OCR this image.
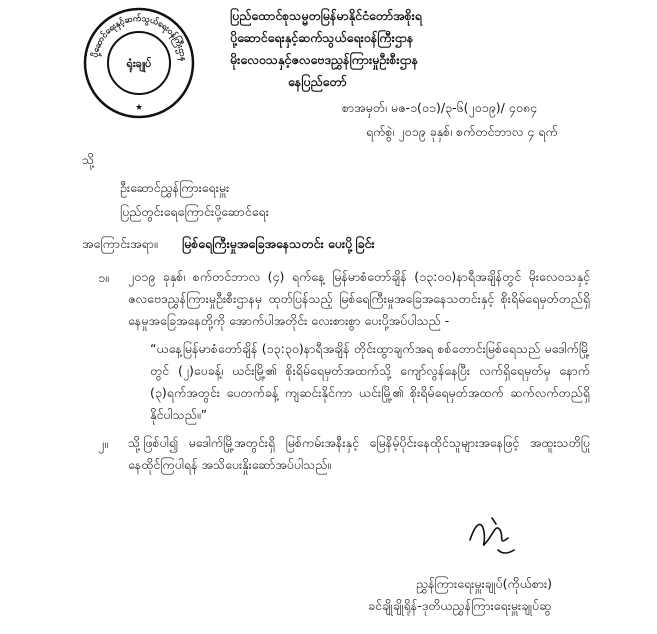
ပို့ဆောင်ရေးနှင့်ဆက်သွယ်ရေးဝန်ကြီးဌာန
ရုံးချုပ်
★
ပြည်ထောင်စုသမ္မတမြန်မာနိုင်ငံတော်အစိုးရ
ပို့ဆောင်ရေးနှင့်ဆက်သွယ်ရေးဝန်ကြီးဌာန
မိုးလေဝသနှင့်ဇလဗေဒညွှန်ကြားမှုဦးစီးဌာန
နေပြည်တော်
စာအမှတ်၊ မဇ-၁(၀၁)/၃-၆(၂၀၁၉)/ ၄၀၈၄
ရက်စွဲ၊ ၂၀၁၉ ခုနှစ်၊ စက်တင်ဘာလ ၄ ရက်
သို့
ဦးဆောင်ညွှန်ကြားရေးမှူး
ပြည်တွင်းရေကြောင်းပို့ဆောင်ရေး
အကြောင်းအရာ။ မြစ်ရေကြီးမှုအခြေအနေသတင်း ပေးပို့ခြင်း
၁။ ၂၀၁၉ ခုနှစ်၊ စက်တင်ဘာလ (၄) ရက်နေ့ မြန်မာစံတော်ချိန် (၁၃:၀၀)နာရီအချိန်တွင် မိုးလေဝသနှင့် ဇလဗေဒညွှန်ကြားမှုဦးစီးဌာနမှ ထုတ်ပြန်သည့် မြစ်ရေကြီးမှုအခြေအနေသတင်းနှင့် စိုးရိမ်ရေမှတ်တည်ရှိနေမှုအခြေအနေတို့ကို အောက်ပါအတိုင်း လေးစားစွာ ပေးပို့အပ်ပါသည် -
“ယနေ့မြန်မာစံတော်ချိန် (၁၃:၃၀)နာရီအချိန် တိုင်းထွာချက်အရ စစ်တောင်းမြစ်ရေသည် မဒေါက်မြို့တွင် (၂)ပေခန့်၊ ယင်းမြို့၏ စိုးရိမ်ရေမှတ်အထက်သို့ ကျော်လွန်နေပြီး လက်ရှိရေမှတ်မှ နောက် (၃)ရက်အတွင်း ပေတက်ခန့် ကျဆင်းနိုင်ကာ ယင်းမြို့၏ စိုးရိမ်ရေမှတ်အထက် ဆက်လက်တည်ရှိနိုင်ပါသည်။”
၂။ သို့ဖြစ်ပါ၍ မဒေါက်မြို့အတွင်းရှိ မြစ်ကမ်းအနီးနှင့် မြေနိမ့်ပိုင်းနေထိုင်သူများအနေဖြင့် အထူးသတိပြုနေထိုင်ကြပါရန် အသိပေးနှိုးဆော်အပ်ပါသည်။
ညွှန်ကြားရေးမှူးချုပ်(ကိုယ်စား)
ခင်ချိုချိုရိုန်-ဒုတိယညွှန်ကြားရေးမှူးချုပ်ဆွ
